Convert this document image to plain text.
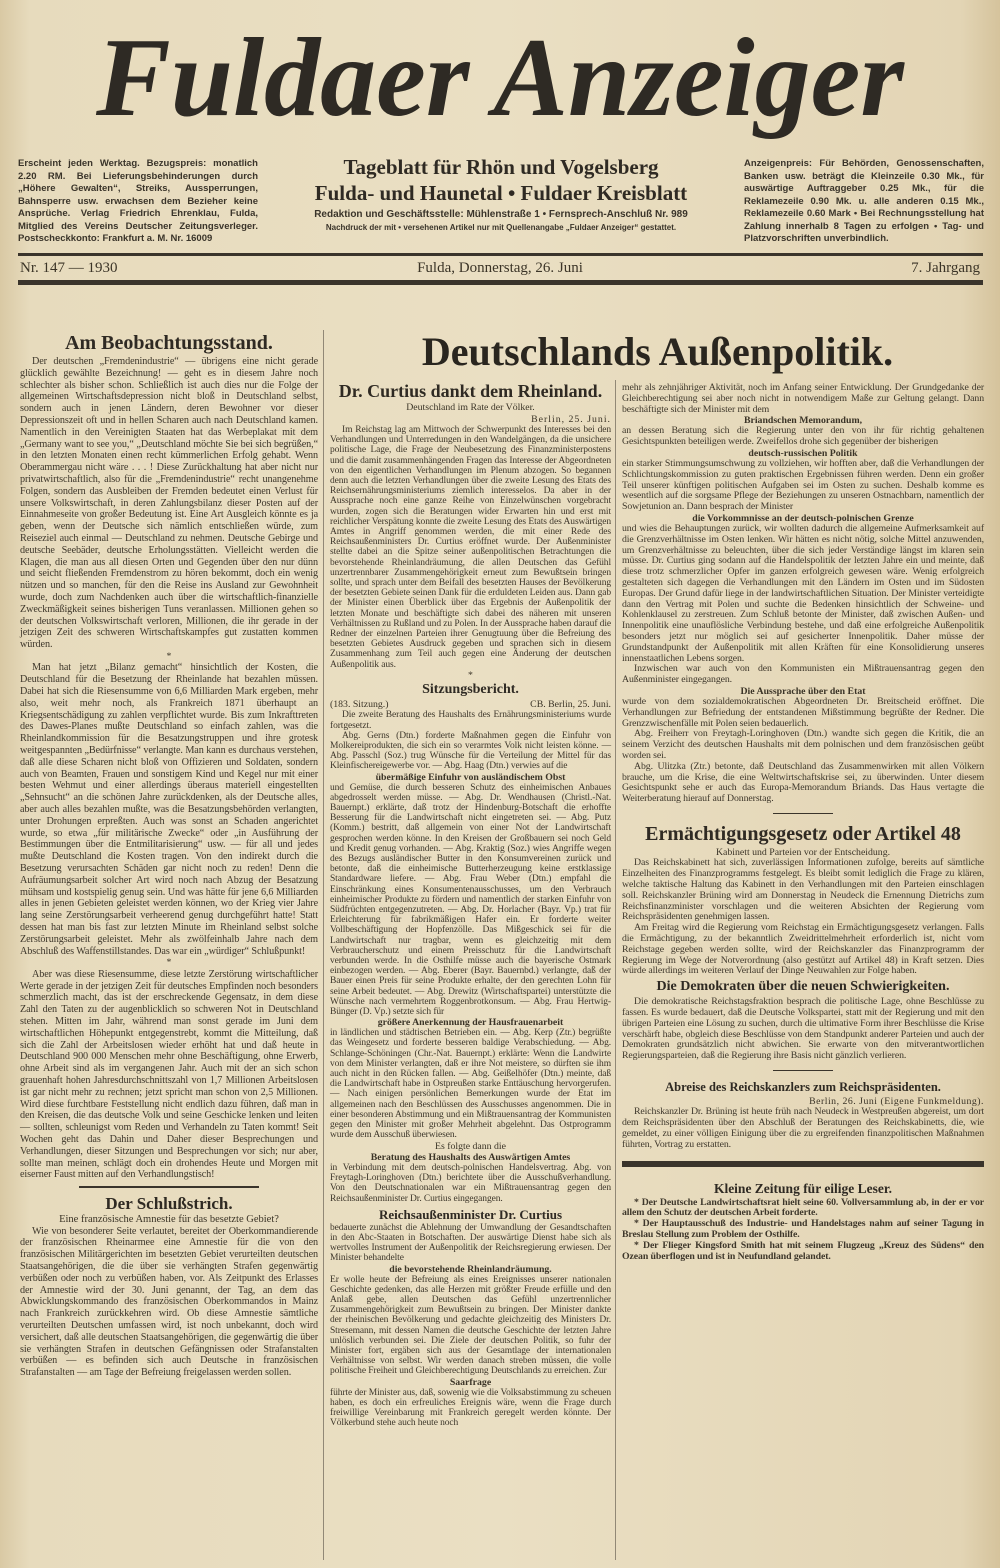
Fuldaer Anzeiger
Erscheint jeden Werktag. Bezugspreis: monatlich 2.20 RM. Bei Lieferungsbehinderungen durch „Höhere Gewalten“, Streiks, Aussperrungen, Bahnsperre usw. erwachsen dem Bezieher keine Ansprüche. Verlag Friedrich Ehrenklau, Fulda, Mitglied des Vereins Deutscher Zeitungsverleger. Postscheckkonto: Frankfurt a. M. Nr. 16009
Tageblatt für Rhön und Vogelsberg
Fulda- und Haunetal • Fuldaer Kreisblatt
Redaktion und Geschäftsstelle: Mühlenstraße 1 • Fernsprech-Anschluß Nr. 989
Nachdruck der mit • versehenen Artikel nur mit Quellenangabe „Fuldaer Anzeiger“ gestattet.
Anzeigenpreis: Für Behörden, Genossenschaften, Banken usw. beträgt die Kleinzeile 0.30 Mk., für auswärtige Auftraggeber 0.25 Mk., für die Reklamezeile 0.90 Mk. u. alle anderen 0.15 Mk., Reklamezeile 0.60 Mark • Bei Rechnungsstellung hat Zahlung innerhalb 8 Tagen zu erfolgen • Tag- und Platzvorschriften unverbindlich.
Nr. 147 — 1930	Fulda, Donnerstag, 26. Juni	7. Jahrgang
Am Beobachtungsstand.

Der deutschen „Fremdenindustrie“ — übrigens eine nicht gerade glücklich gewählte Bezeichnung! — geht es in diesem Jahre noch schlechter als bisher schon. Schließlich ist auch dies nur die Folge der allgemeinen Wirtschaftsdepression nicht bloß in Deutschland selbst, sondern auch in jenen Ländern, deren Bewohner vor dieser Depressionszeit oft und in hellen Scharen auch nach Deutschland kamen. Namentlich in den Vereinigten Staaten hat das Werbeplakat mit dem „Germany want to see you,“ „Deutschland möchte Sie bei sich begrüßen,“ in den letzten Monaten einen recht kümmerlichen Erfolg gehabt. Wenn Oberammergau nicht wäre . . . ! Diese Zurückhaltung hat aber nicht nur privatwirtschaftlich, also für die „Fremdenindustrie“ recht unangenehme Folgen, sondern das Ausbleiben der Fremden bedeutet einen Verlust für unsere Volkswirtschaft, in deren Zahlungsbilanz dieser Posten auf der Einnahmeseite von großer Bedeutung ist. Eine Art Ausgleich könnte es ja geben, wenn der Deutsche sich nämlich entschließen würde, zum Reiseziel auch einmal — Deutschland zu nehmen. Deutsche Gebirge und deutsche Seebäder, deutsche Erholungsstätten. Vielleicht werden die Klagen, die man aus all diesen Orten und Gegenden über den nur dünn und seicht fließenden Fremdenstrom zu hören bekommt, doch ein wenig nützen und so manchen, für den die Reise ins Ausland zur Gewohnheit wurde, doch zum Nachdenken auch über die wirtschaftlich-finanzielle Zweckmäßigkeit seines bisherigen Tuns veranlassen. Millionen gehen so der deutschen Volkswirtschaft verloren, Millionen, die ihr gerade in der jetzigen Zeit des schweren Wirtschaftskampfes gut zustatten kommen würden.

*

Man hat jetzt „Bilanz gemacht“ hinsichtlich der Kosten, die Deutschland für die Besetzung der Rheinlande hat bezahlen müssen. Dabei hat sich die Riesensumme von 6,6 Milliarden Mark ergeben, mehr also, weit mehr noch, als Frankreich 1871 überhaupt an Kriegsentschädigung zu zahlen verpflichtet wurde. Bis zum Inkrafttreten des Dawes-Planes mußte Deutschland so einfach zahlen, was die Rheinlandkommission für die Besatzungstruppen und ihre grotesk weitgespannten „Bedürfnisse“ verlangte. Man kann es durchaus verstehen, daß alle diese Scharen nicht bloß von Offizieren und Soldaten, sondern auch von Beamten, Frauen und sonstigem Kind und Kegel nur mit einer besten Wehmut und einer allerdings überaus materiell eingestellten „Sehnsucht“ an die schönen Jahre zurückdenken, als der Deutsche alles, aber auch alles bezahlen mußte, was die Besatzungsbehörden verlangten, unter Drohungen erpreßten. Auch was sonst an Schaden angerichtet wurde, so etwa „für militärische Zwecke“ oder „in Ausführung der Bestimmungen über die Entmilitarisierung“ usw. — für all und jedes mußte Deutschland die Kosten tragen. Von den indirekt durch die Besetzung verursachten Schäden gar nicht noch zu reden! Denn die Aufräumungsarbeit solcher Art wird noch nach Abzug der Besatzung mühsam und kostspielig genug sein. Und was hätte für jene 6,6 Milliarden alles in jenen Gebieten geleistet werden können, wo der Krieg vier Jahre lang seine Zerstörungsarbeit verheerend genug durchgeführt hatte! Statt dessen hat man bis fast zur letzten Minute im Rheinland selbst solche Zerstörungsarbeit geleistet. Mehr als zwölfeinhalb Jahre nach dem Abschluß des Waffenstillstandes. Das war ein „würdiger“ Schlußpunkt!

*

Aber was diese Riesensumme, diese letzte Zerstörung wirtschaftlicher Werte gerade in der jetzigen Zeit für deutsches Empfinden noch besonders schmerzlich macht, das ist der erschreckende Gegensatz, in dem diese Zahl den Taten zu der augenblicklich so schweren Not in Deutschland stehen. Mitten im Jahr, während man sonst gerade im Juni dem wirtschaftlichen Höhepunkt entgegenstrebt, kommt die Mitteilung, daß sich die Zahl der Arbeitslosen wieder erhöht hat und daß heute in Deutschland 900 000 Menschen mehr ohne Beschäftigung, ohne Erwerb, ohne Arbeit sind als im vergangenen Jahr. Auch mit der an sich schon grauenhaft hohen Jahresdurchschnittszahl von 1,7 Millionen Arbeitslosen ist gar nicht mehr zu rechnen; jetzt spricht man schon von 2,5 Millionen. Wird diese furchtbare Feststellung nicht endlich dazu führen, daß man in den Kreisen, die das deutsche Volk und seine Geschicke lenken und leiten — sollten, schleunigst vom Reden und Verhandeln zu Taten kommt! Seit Wochen geht das Dahin und Daher dieser Besprechungen und Verhandlungen, dieser Sitzungen und Besprechungen vor sich; nur aber, sollte man meinen, schlägt doch ein drohendes Heute und Morgen mit eiserner Faust mitten auf den Verhandlungstisch!

Der Schlußstrich.

Eine französische Amnestie für das besetzte Gebiet?

Wie von besonderer Seite verlautet, bereitet der Oberkommandierende der französischen Rheinarmee eine Amnestie für die von den französischen Militärgerichten im besetzten Gebiet verurteilten deutschen Staatsangehörigen, die die über sie verhängten Strafen gegenwärtig verbüßen oder noch zu verbüßen haben, vor. Als Zeitpunkt des Erlasses der Amnestie wird der 30. Juni genannt, der Tag, an dem das Abwicklungskommando des französischen Oberkommandos in Mainz nach Frankreich zurückkehren wird. Ob diese Amnestie sämtliche verurteilten Deutschen umfassen wird, ist noch unbekannt, doch wird versichert, daß alle deutschen Staatsangehörigen, die gegenwärtig die über sie verhängten Strafen in deutschen Gefängnissen oder Strafanstalten verbüßen — es befinden sich auch Deutsche in französischen Strafanstalten — am Tage der Befreiung freigelassen werden sollen.

Deutschlands Außenpolitik.
Dr. Curtius dankt dem Rheinland.

Deutschland im Rate der Völker.

Berlin, 25. Juni.

Im Reichstag lag am Mittwoch der Schwerpunkt des Interesses bei den Verhandlungen und Unterredungen in den Wandelgängen, da die unsichere politische Lage, die Frage der Neubesetzung des Finanzministerpostens und die damit zusammenhängenden Fragen das Interesse der Abgeordneten von den eigentlichen Verhandlungen im Plenum abzogen. So begannen denn auch die letzten Verhandlungen über die zweite Lesung des Etats des Reichsernährungsministeriums ziemlich interesselos. Da aber in der Aussprache noch eine ganze Reihe von Einzelwünschen vorgebracht wurden, zogen sich die Beratungen wider Erwarten hin und erst mit reichlicher Verspätung konnte die zweite Lesung des Etats des Auswärtigen Amtes in Angriff genommen werden, die mit einer Rede des Reichsaußenministers Dr. Curtius eröffnet wurde. Der Außenminister stellte dabei an die Spitze seiner außenpolitischen Betrachtungen die bevorstehende Rheinlandräumung, die allen Deutschen das Gefühl unzertrennbarer Zusammengehörigkeit erneut zum Bewußtsein bringen sollte, und sprach unter dem Beifall des besetzten Hauses der Bevölkerung der besetzten Gebiete seinen Dank für die erduldeten Leiden aus. Dann gab der Minister einen Überblick über das Ergebnis der Außenpolitik der letzten Monate und beschäftigte sich dabei des näheren mit unseren Verhältnissen zu Rußland und zu Polen. In der Aussprache haben darauf die Redner der einzelnen Parteien ihrer Genugtuung über die Befreiung des besetzten Gebietes Ausdruck gegeben und sprachen sich in diesem Zusammenhang zum Teil auch gegen eine Änderung der deutschen Außenpolitik aus.

*
Sitzungsbericht.
(183. Sitzung.)	CB. Berlin, 25. Juni.

Die zweite Beratung des Haushalts des Ernährungsministeriums wurde fortgesetzt.

Abg. Gerns (Dtn.) forderte Maßnahmen gegen die Einfuhr von Molkereiprodukten, die sich ein so verarmtes Volk nicht leisten könne. — Abg. Passchl (Soz.) trug Wünsche für die Verteilung der Mittel für das Kleinfischereigewerbe vor. — Abg. Haag (Dtn.) verwies auf die

übermäßige Einfuhr von ausländischem Obst

und Gemüse, die durch besseren Schutz des einheimischen Anbaues abgedrosselt werden müsse. — Abg. Dr. Wendhausen (Christl.-Nat. Bauernpt.) erklärte, daß trotz der Hindenburg-Botschaft die erhoffte Besserung für die Landwirtschaft nicht eingetreten sei. — Abg. Putz (Komm.) bestritt, daß allgemein von einer Not der Landwirtschaft gesprochen werden könne. In den Kreisen der Großbauern sei noch Geld und Kredit genug vorhanden. — Abg. Kraktig (Soz.) wies Angriffe wegen des Bezugs ausländischer Butter in den Konsumvereinen zurück und betonte, daß die einheimische Butterherzeugung keine erstklassige Standardware liefere. — Abg. Frau Weber (Dtn.) empfahl die Einschränkung eines Konsumentenausschusses, um den Verbrauch einheimischer Produkte zu fördern und namentlich der starken Einfuhr von Südfrüchten entgegenzutreten. — Abg. Dr. Horlacher (Bayr. Vp.) trat für Erleichterung für fabrikmäßigen Hafer ein. Er forderte weiter Vollbeschäftigung der Hopfenzölle. Das Mißgeschick sei für die Landwirtschaft nur tragbar, wenn es gleichzeitig mit dem Verbraucherschutz und einem Preisschutz für die Landwirtschaft verbunden werde. In die Osthilfe müsse auch die bayerische Ostmark einbezogen werden. — Abg. Eberer (Bayr. Bauernbd.) verlangte, daß der Bauer einen Preis für seine Produkte erhalte, der den gerechten Lohn für seine Arbeit bedeutet. — Abg. Drewitz (Wirtschaftspartei) unterstützte die Wünsche nach vermehrtem Roggenbrotkonsum. — Abg. Frau Hertwig-Bünger (D. Vp.) setzte sich für

größere Anerkennung der Hausfrauenarbeit

in ländlichen und städtischen Betrieben ein. — Abg. Kerp (Ztr.) begrüßte das Weingesetz und forderte besseren baldige Verabschiedung. — Abg. Schlange-Schöningen (Chr.-Nat. Bauernpt.) erklärte: Wenn die Landwirte von dem Minister verlangten, daß er ihre Not meistere, so dürften sie ihm auch nicht in den Rücken fallen. — Abg. Geißelhöfer (Dtn.) meinte, daß die Landwirtschaft habe in Ostpreußen starke Enttäuschung hervorgerufen. — Nach einigen persönlichen Bemerkungen wurde der Etat im allgemeinen nach den Beschlüssen des Ausschusses angenommen. Die in einer besonderen Abstimmung und ein Mißtrauensantrag der Kommunisten gegen den Minister mit großer Mehrheit abgelehnt. Das Ostprogramm wurde dem Ausschuß überwiesen.

Es folgte dann die

Beratung des Haushalts des Auswärtigen Amtes

in Verbindung mit dem deutsch-polnischen Handelsvertrag. Abg. von Freytagh-Loringhoven (Dtn.) berichtete über die Ausschußverhandlung. Von den Deutschnationalen war ein Mißtrauensantrag gegen den Reichsaußenminister Dr. Curtius eingegangen.

Reichsaußenminister Dr. Curtius

bedauerte zunächst die Ablehnung der Umwandlung der Gesandtschaften in den Abc-Staaten in Botschaften. Der auswärtige Dienst habe sich als wertvolles Instrument der Außenpolitik der Reichsregierung erwiesen. Der Minister behandelte

die bevorstehende Rheinlandräumung.

Er wolle heute der Befreiung als eines Ereignisses unserer nationalen Geschichte gedenken, das alle Herzen mit größter Freude erfülle und den Anlaß gebe, allen Deutschen das Gefühl unzertrennlicher Zusammengehörigkeit zum Bewußtsein zu bringen. Der Minister dankte der rheinischen Bevölkerung und gedachte gleichzeitig des Ministers Dr. Stresemann, mit dessen Namen die deutsche Geschichte der letzten Jahre unlöslich verbunden sei. Die Ziele der deutschen Politik, so fuhr der Minister fort, ergäben sich aus der Gesamtlage der internationalen Verhältnisse von selbst. Wir werden danach streben müssen, die volle politische Freiheit und Gleichberechtigung Deutschlands zu erreichen. Zur

Saarfrage

führte der Minister aus, daß, sowenig wie die Volksabstimmung zu scheuen haben, es doch ein erfreuliches Ereignis wäre, wenn die Frage durch freiwillige Vereinbarung mit Frankreich geregelt werden könnte. Der Völkerbund stehe auch heute noch

mehr als zehnjähriger Aktivität, noch im Anfang seiner Entwicklung. Der Grundgedanke der Gleichberechtigung sei aber noch nicht in notwendigem Maße zur Geltung gelangt. Dann beschäftigte sich der Minister mit dem

Briandschen Memorandum,

an dessen Beratung sich die Regierung unter den von ihr für richtig gehaltenen Gesichtspunkten beteiligen werde. Zweifellos drohe sich gegenüber der bisherigen

deutsch-russischen Politik

ein starker Stimmungsumschwung zu vollziehen, wir hofften aber, daß die Verhandlungen der Schlichtungskommission zu guten praktischen Ergebnissen führen werden. Denn ein großer Teil unserer künftigen politischen Aufgaben sei im Osten zu suchen. Deshalb komme es wesentlich auf die sorgsame Pflege der Beziehungen zu unseren Ostnachbarn, namentlich der Sowjetunion an. Dann besprach der Minister

die Vorkommnisse an der deutsch-polnischen Grenze

und wies die Behauptungen zurück, wir wollten dadurch die allgemeine Aufmerksamkeit auf die Grenzverhältnisse im Osten lenken. Wir hätten es nicht nötig, solche Mittel anzuwenden, um Grenzverhältnisse zu beleuchten, über die sich jeder Verständige längst im klaren sein müsse. Dr. Curtius ging sodann auf die Handelspolitik der letzten Jahre ein und meinte, daß diese trotz schmerzlicher Opfer im ganzen erfolgreich gewesen wäre. Wenig erfolgreich gestalteten sich dagegen die Verhandlungen mit den Ländern im Osten und im Südosten Europas. Der Grund dafür liege in der landwirtschaftlichen Situation. Der Minister verteidigte dann den Vertrag mit Polen und suchte die Bedenken hinsichtlich der Schweine- und Kohlenklausel zu zerstreuen. Zum Schluß betonte der Minister, daß zwischen Außen- und Innenpolitik eine unauflösliche Verbindung bestehe, und daß eine erfolgreiche Außenpolitik besonders jetzt nur möglich sei auf gesicherter Innenpolitik. Daher müsse der Grundstandpunkt der Außenpolitik mit allen Kräften für eine Konsolidierung unseres innenstaatlichen Lebens sorgen.

Inzwischen war auch von den Kommunisten ein Mißtrauensantrag gegen den Außenminister eingegangen.

Die Aussprache über den Etat

wurde von dem sozialdemokratischen Abgeordneten Dr. Breitscheid eröffnet. Die Verhandlungen zur Befriedung der entstandenen Mißstimmung begrüßte der Redner. Die Grenzzwischenfälle mit Polen seien bedauerlich.

Abg. Freiherr von Freytagh-Loringhoven (Dtn.) wandte sich gegen die Kritik, die an seinem Verzicht des deutschen Haushalts mit dem polnischen und dem französischen geübt worden sei.

Abg. Ulitzka (Ztr.) betonte, daß Deutschland das Zusammenwirken mit allen Völkern brauche, um die Krise, die eine Weltwirtschaftskrise sei, zu überwinden. Unter diesem Gesichtspunkt sehe er auch das Europa-Memorandum Briands. Das Haus vertagte die Weiterberatung hierauf auf Donnerstag.

Ermächtigungsgesetz oder Artikel 48

Kabinett und Parteien vor der Entscheidung.

Das Reichskabinett hat sich, zuverlässigen Informationen zufolge, bereits auf sämtliche Einzelheiten des Finanzprogramms festgelegt. Es bleibt somit lediglich die Frage zu klären, welche taktische Haltung das Kabinett in den Verhandlungen mit den Parteien einschlagen soll. Reichskanzler Brüning wird am Donnerstag in Neudeck die Ernennung Dietrichs zum Reichsfinanzminister vorschlagen und die weiteren Absichten der Regierung vom Reichspräsidenten genehmigen lassen.

Am Freitag wird die Regierung vom Reichstag ein Ermächtigungsgesetz verlangen. Falls die Ermächtigung, zu der bekanntlich Zweidrittelmehrheit erforderlich ist, nicht vom Reichstage gegeben werden sollte, wird der Reichskanzler das Finanzprogramm der Regierung im Wege der Notverordnung (also gestützt auf Artikel 48) in Kraft setzen. Dies würde allerdings im weiteren Verlauf der Dinge Neuwahlen zur Folge haben.

Die Demokraten über die neuen Schwierigkeiten.

Die demokratische Reichstagsfraktion besprach die politische Lage, ohne Beschlüsse zu fassen. Es wurde bedauert, daß die Deutsche Volkspartei, statt mit der Regierung und mit den übrigen Parteien eine Lösung zu suchen, durch die ultimative Form ihrer Beschlüsse die Krise verschärft habe, obgleich diese Beschlüsse von dem Standpunkt anderer Parteien und auch der Demokraten grundsätzlich nicht abwichen. Sie erwarte von den mitverantwortlichen Regierungsparteien, daß die Regierung ihre Basis nicht gänzlich verlieren.

Abreise des Reichskanzlers zum Reichspräsidenten.

Berlin, 26. Juni (Eigene Funkmeldung).

Reichskanzler Dr. Brüning ist heute früh nach Neudeck in Westpreußen abgereist, um dort dem Reichspräsidenten über den Abschluß der Beratungen des Reichskabinetts, die, wie gemeldet, zu einer völligen Einigung über die zu ergreifenden finanzpolitischen Maßnahmen führten, Vortrag zu erstatten.

Kleine Zeitung für eilige Leser.

* Der Deutsche Landwirtschaftsrat hielt seine 60. Vollversammlung ab, in der er vor allem den Schutz der deutschen Arbeit forderte.

* Der Hauptausschuß des Industrie- und Handelstages nahm auf seiner Tagung in Breslau Stellung zum Problem der Osthilfe.

* Der Flieger Kingsford Smith hat mit seinem Flugzeug „Kreuz des Südens“ den Ozean überflogen und ist in Neufundland gelandet.
